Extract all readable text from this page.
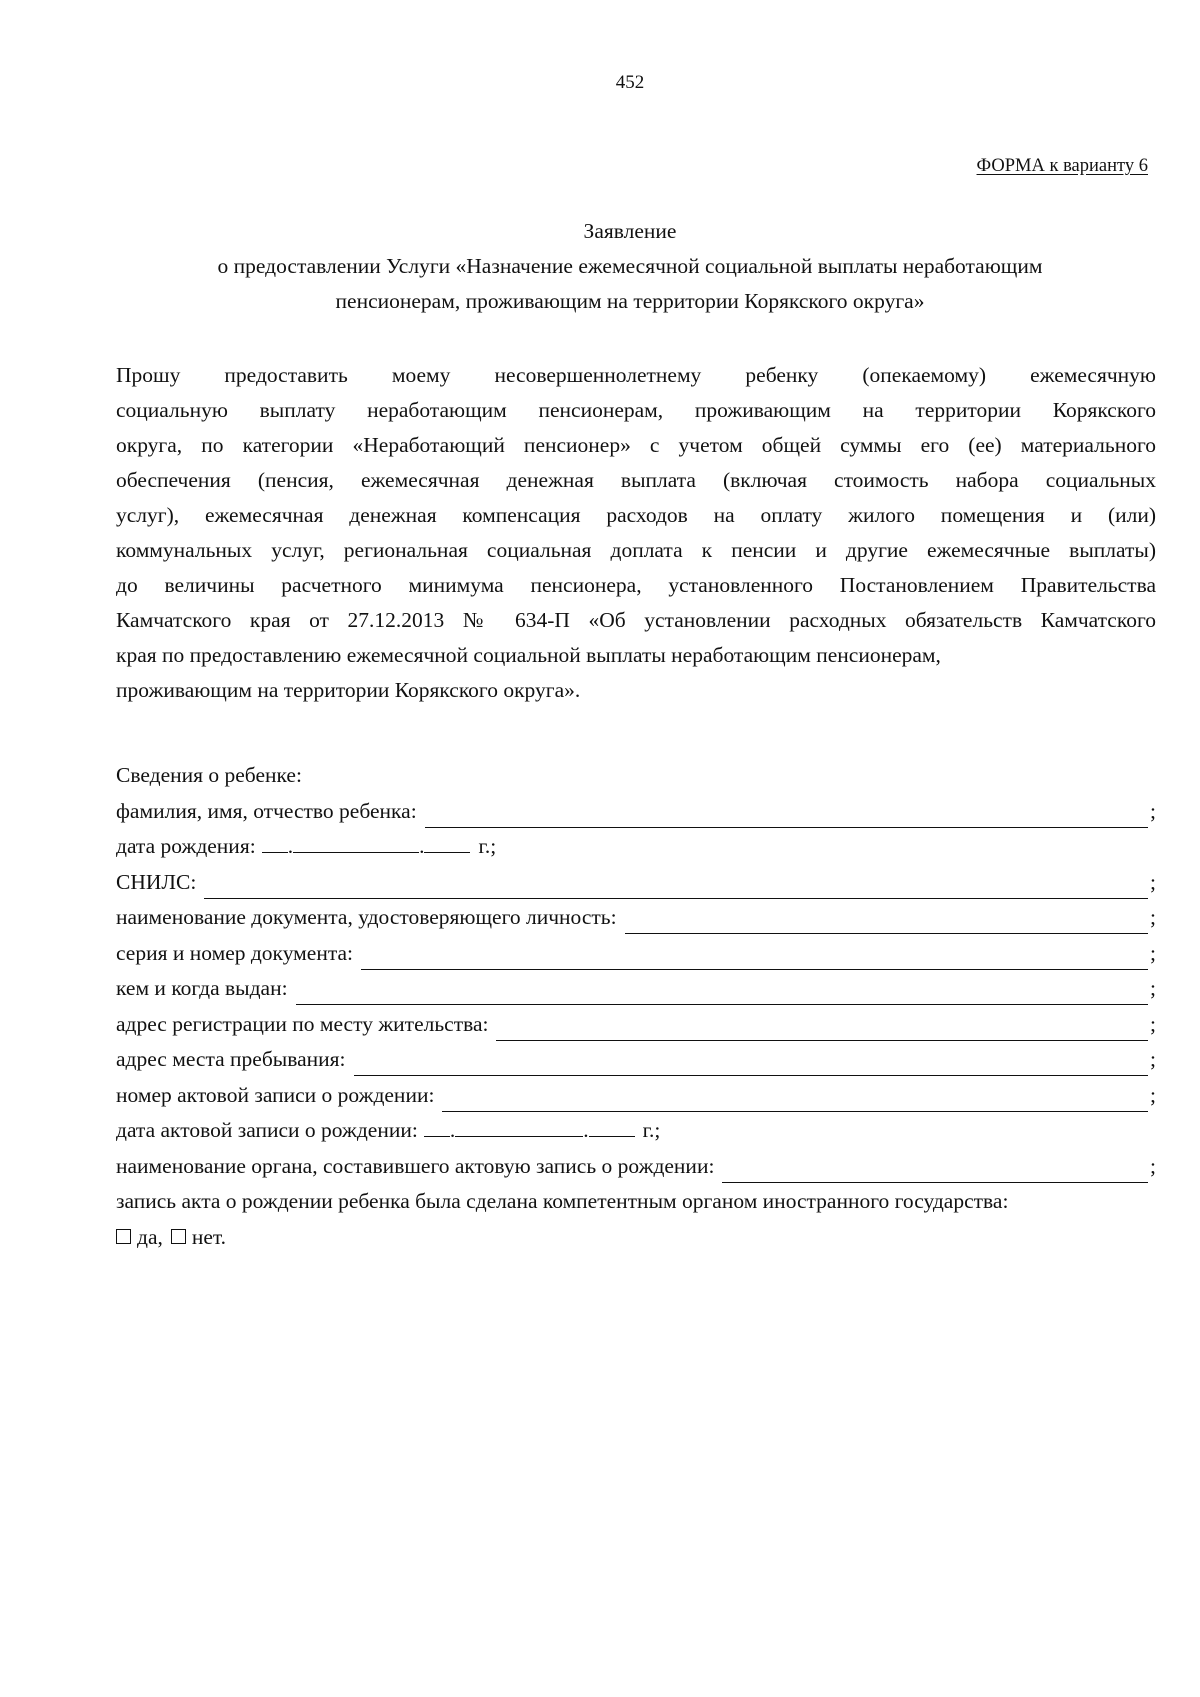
452
ФОРМА к варианту 6
Заявление
о предоставлении Услуги «Назначение ежемесячной социальной выплаты неработающим
пенсионерам, проживающим на территории Корякского округа»
Прошу предоставить моему несовершеннолетнему ребенку (опекаемому) ежемесячную
социальную выплату неработающим пенсионерам, проживающим на территории Корякского
округа, по категории «Неработающий пенсионер» с учетом общей суммы его (ее) материального
обеспечения (пенсия, ежемесячная денежная выплата (включая стоимость набора социальных
услуг), ежемесячная денежная компенсация расходов на оплату жилого помещения и (или)
коммунальных услуг, региональная социальная доплата к пенсии и другие ежемесячные выплаты)
до величины расчетного минимума пенсионера, установленного Постановлением Правительства
Камчатского края от 27.12.2013 № 634-П «Об установлении расходных обязательств Камчатского
края по предоставлению ежемесячной социальной выплаты неработающим пенсионерам,
проживающим на территории Корякского округа».
Сведения о ребенке:
фамилия, имя, отчество ребенка:	;
дата рождения: .	.	г.;
СНИЛС:	;
наименование документа, удостоверяющего личность:	;
серия и номер документа:	;
кем и когда выдан:	;
адрес регистрации по месту жительства:	;
адрес места пребывания:	;
номер актовой записи о рождении:	;
дата актовой записи о рождении: .	.	г.;
наименование органа, составившего актовую запись о рождении:	;
запись акта о рождении ребенка была сделана компетентным органом иностранного государства:
да, нет.
